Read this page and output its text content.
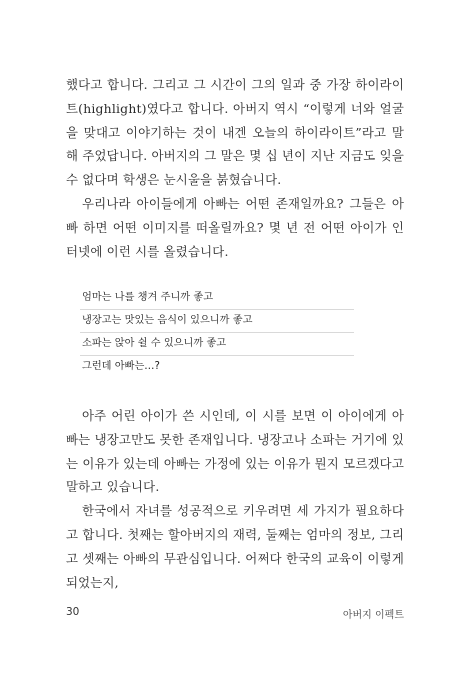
했다고 합니다. 그리고 그 시간이 그의 일과 중 가장 하이라이트(highlight)였다고 합니다. 아버지 역시 “이렇게 너와 얼굴을 맞대고 이야기하는 것이 내겐 오늘의 하이라이트”라고 말해 주었답니다. 아버지의 그 말은 몇 십 년이 지난 지금도 잊을 수 없다며 학생은 눈시울을 붉혔습니다.

우리나라 아이들에게 아빠는 어떤 존재일까요? 그들은 아빠 하면 어떤 이미지를 떠올릴까요? 몇 년 전 어떤 아이가 인터넷에 이런 시를 올렸습니다.

엄마는 나를 챙겨 주니까 좋고
냉장고는 맛있는 음식이 있으니까 좋고
소파는 앉아 쉴 수 있으니까 좋고
그런데 아빠는…?

아주 어린 아이가 쓴 시인데, 이 시를 보면 이 아이에게 아빠는 냉장고만도 못한 존재입니다. 냉장고나 소파는 거기에 있는 이유가 있는데 아빠는 가정에 있는 이유가 뭔지 모르겠다고 말하고 있습니다.

한국에서 자녀를 성공적으로 키우려면 세 가지가 필요하다고 합니다. 첫째는 할아버지의 재력, 둘째는 엄마의 정보, 그리고 셋째는 아빠의 무관심입니다. 어쩌다 한국의 교육이 이렇게 되었는지,

30	아버지 이펙트
